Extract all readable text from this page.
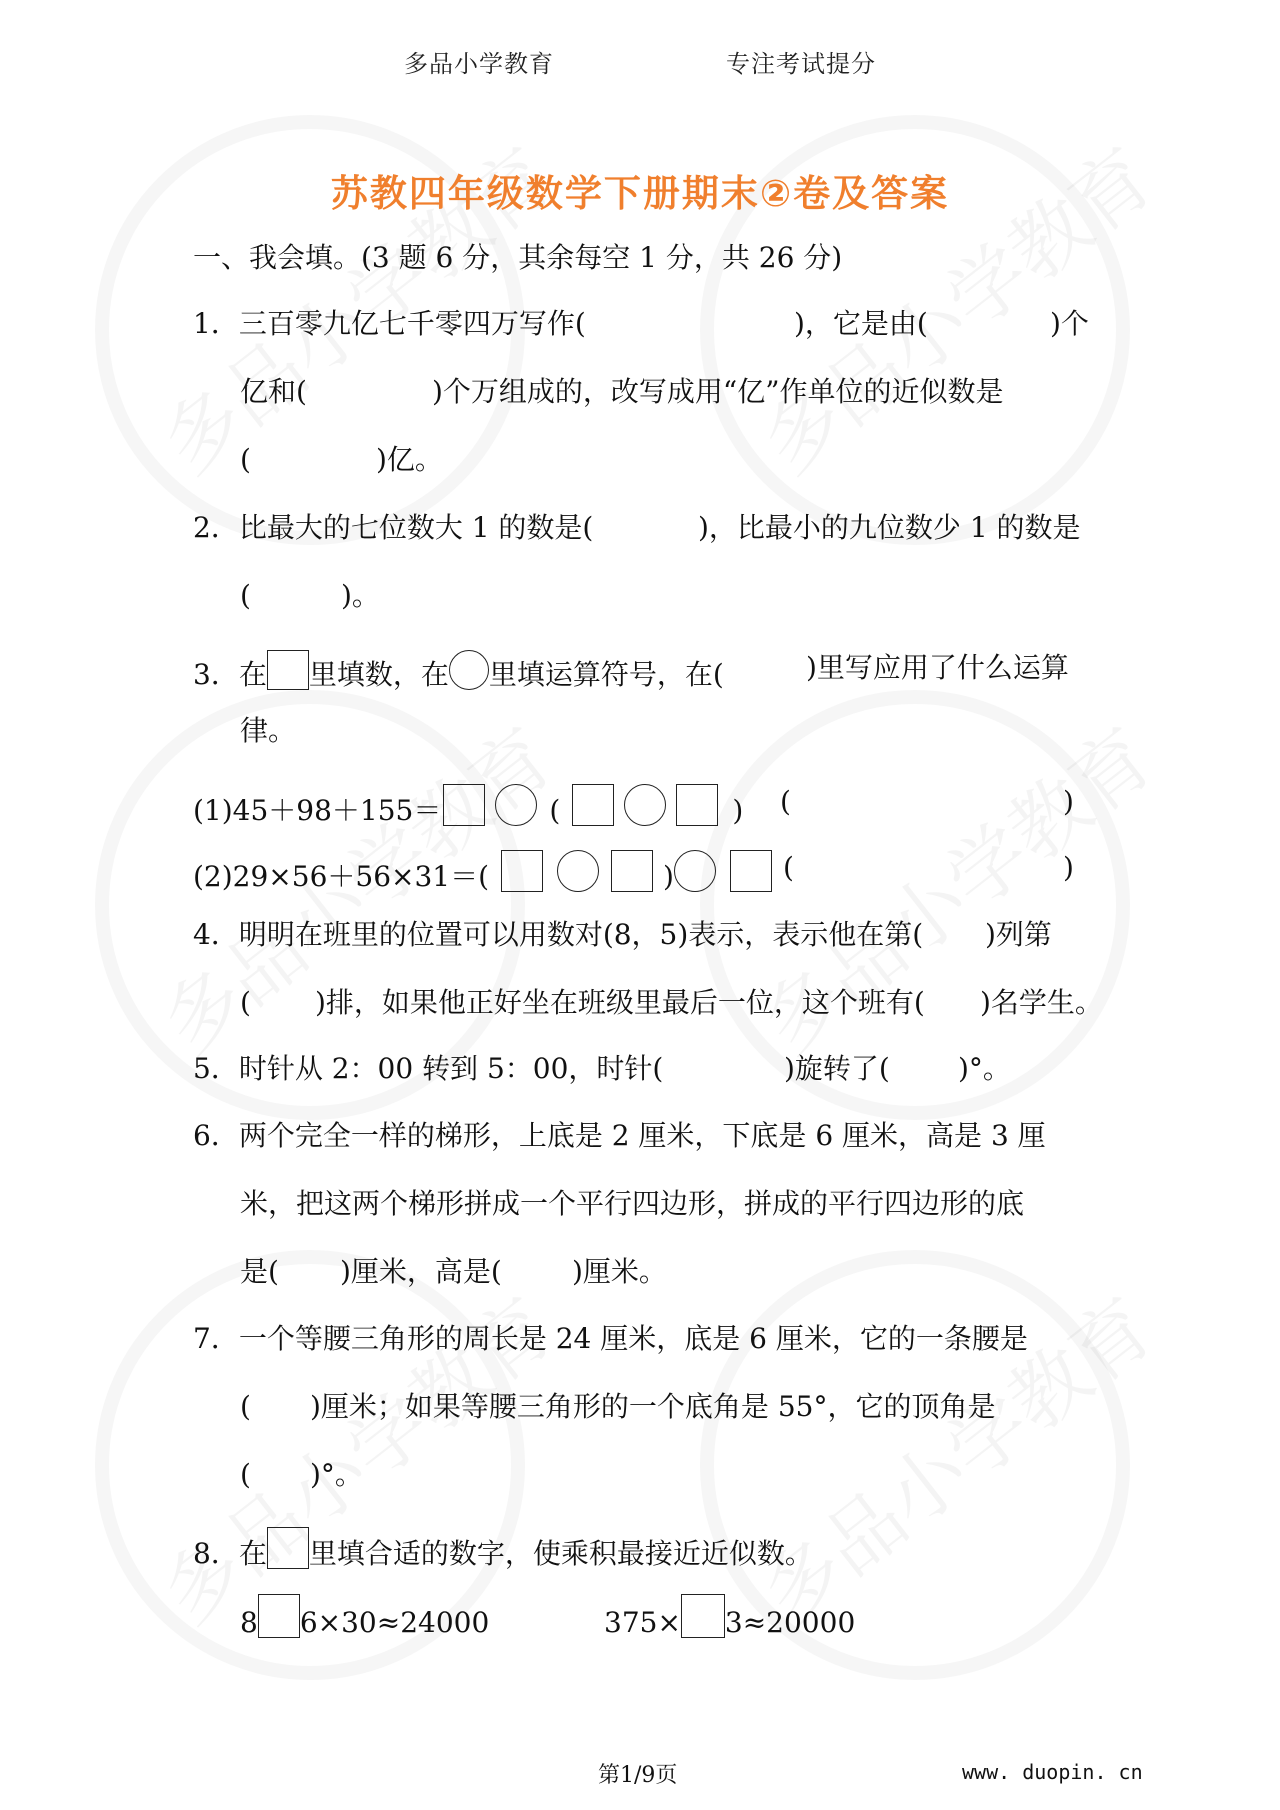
多品小学教育	专注考试提分
苏教四年级数学下册期末②卷及答案
一、我会填。(3 题 6 分，其余每空 1 分，共 26 分)
1．三百零九亿七千零四万写作(	)，它是由(	)个
亿和(	)个万组成的，改写成用“亿”作单位的近似数是
(	)亿。
2．比最大的七位数大 1 的数是(	)，比最小的九位数少 1 的数是
(	)。
3．在 里填数，在 里填运算符号，在(	)里写应用了什么运算
律。
(1)45＋98＋155＝	(	) (	)
(2)29×56＋56×31＝(	)	(	)
4．明明在班里的位置可以用数对(8，5)表示，表示他在第( )列第
( )排，如果他正好坐在班级里最后一位，这个班有( )名学生。
5．时针从 2：00 转到 5：00，时针(	)旋转了( )°。
6．两个完全一样的梯形，上底是 2 厘米，下底是 6 厘米，高是 3 厘
米，把这两个梯形拼成一个平行四边形，拼成的平行四边形的底
是( )厘米，高是(	)厘米。
7．一个等腰三角形的周长是 24 厘米，底是 6 厘米，它的一条腰是
( )厘米；如果等腰三角形的一个底角是 55°，它的顶角是
( )°。
8．在 里填合适的数字，使乘积最接近近似数。
8 6×30≈24000	375× 3≈20000
第1/9页	www. duopin. cn
